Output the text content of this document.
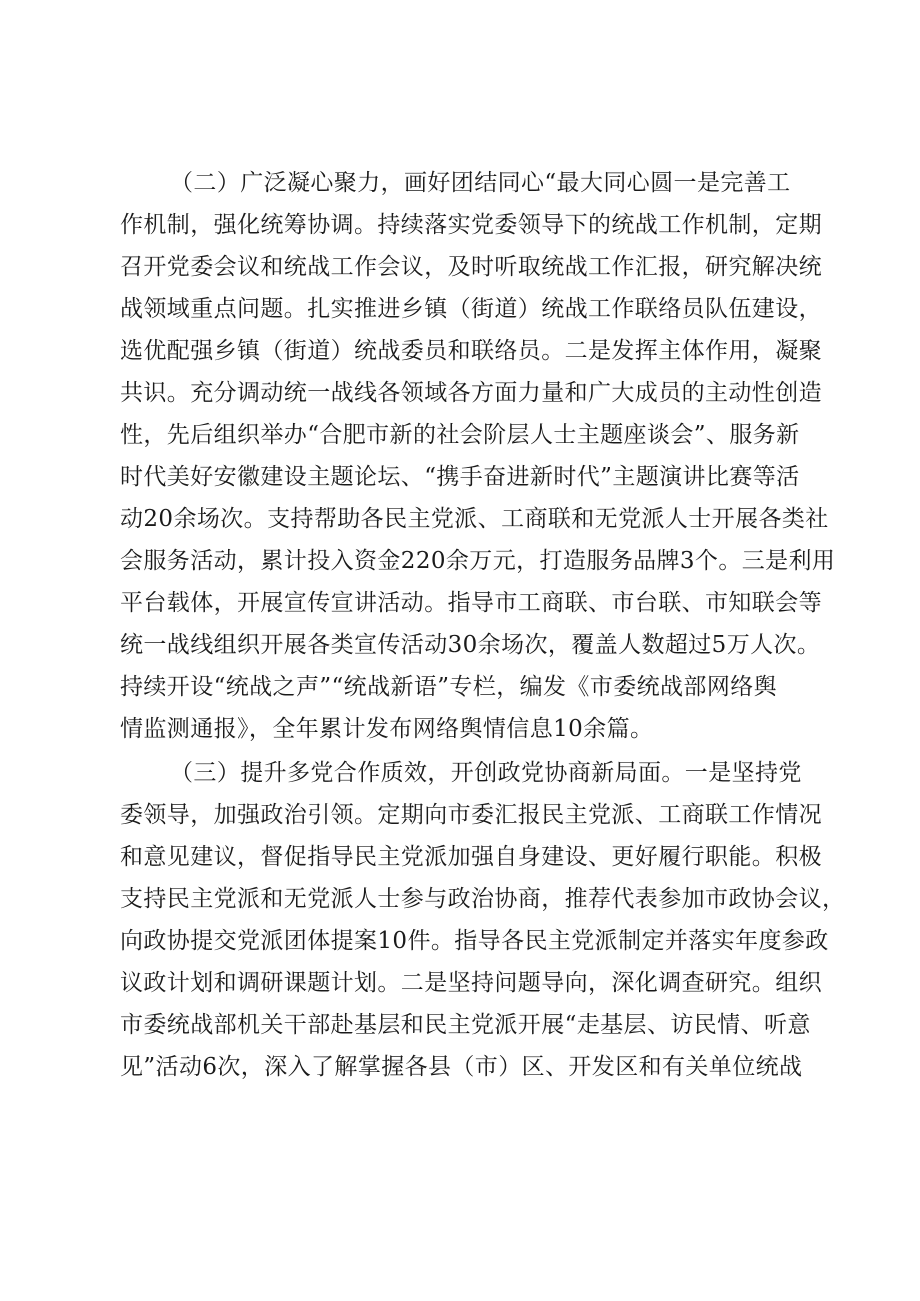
（二）广泛凝心聚力，画好团结同心“最大同心圆一是完善工
作机制，强化统筹协调。持续落实党委领导下的统战工作机制，定期
召开党委会议和统战工作会议，及时听取统战工作汇报，研究解决统
战领域重点问题。扎实推进乡镇（街道）统战工作联络员队伍建设，
选优配强乡镇（街道）统战委员和联络员。二是发挥主体作用，凝聚
共识。充分调动统一战线各领域各方面力量和广大成员的主动性创造
性，先后组织举办“合肥市新的社会阶层人士主题座谈会”、服务新
时代美好安徽建设主题论坛、“携手奋进新时代”主题演讲比赛等活
动20余场次。支持帮助各民主党派、工商联和无党派人士开展各类社
会服务活动，累计投入资金220余万元，打造服务品牌3个。三是利用
平台载体，开展宣传宣讲活动。指导市工商联、市台联、市知联会等
统一战线组织开展各类宣传活动30余场次，覆盖人数超过5万人次。
持续开设“统战之声”“统战新语”专栏，编发《市委统战部网络舆
情监测通报》，全年累计发布网络舆情信息10余篇。
（三）提升多党合作质效，开创政党协商新局面。一是坚持党
委领导，加强政治引领。定期向市委汇报民主党派、工商联工作情况
和意见建议，督促指导民主党派加强自身建设、更好履行职能。积极
支持民主党派和无党派人士参与政治协商，推荐代表参加市政协会议，
向政协提交党派团体提案10件。指导各民主党派制定并落实年度参政
议政计划和调研课题计划。二是坚持问题导向，深化调查研究。组织
市委统战部机关干部赴基层和民主党派开展“走基层、访民情、听意
见”活动6次，深入了解掌握各县（市）区、开发区和有关单位统战
